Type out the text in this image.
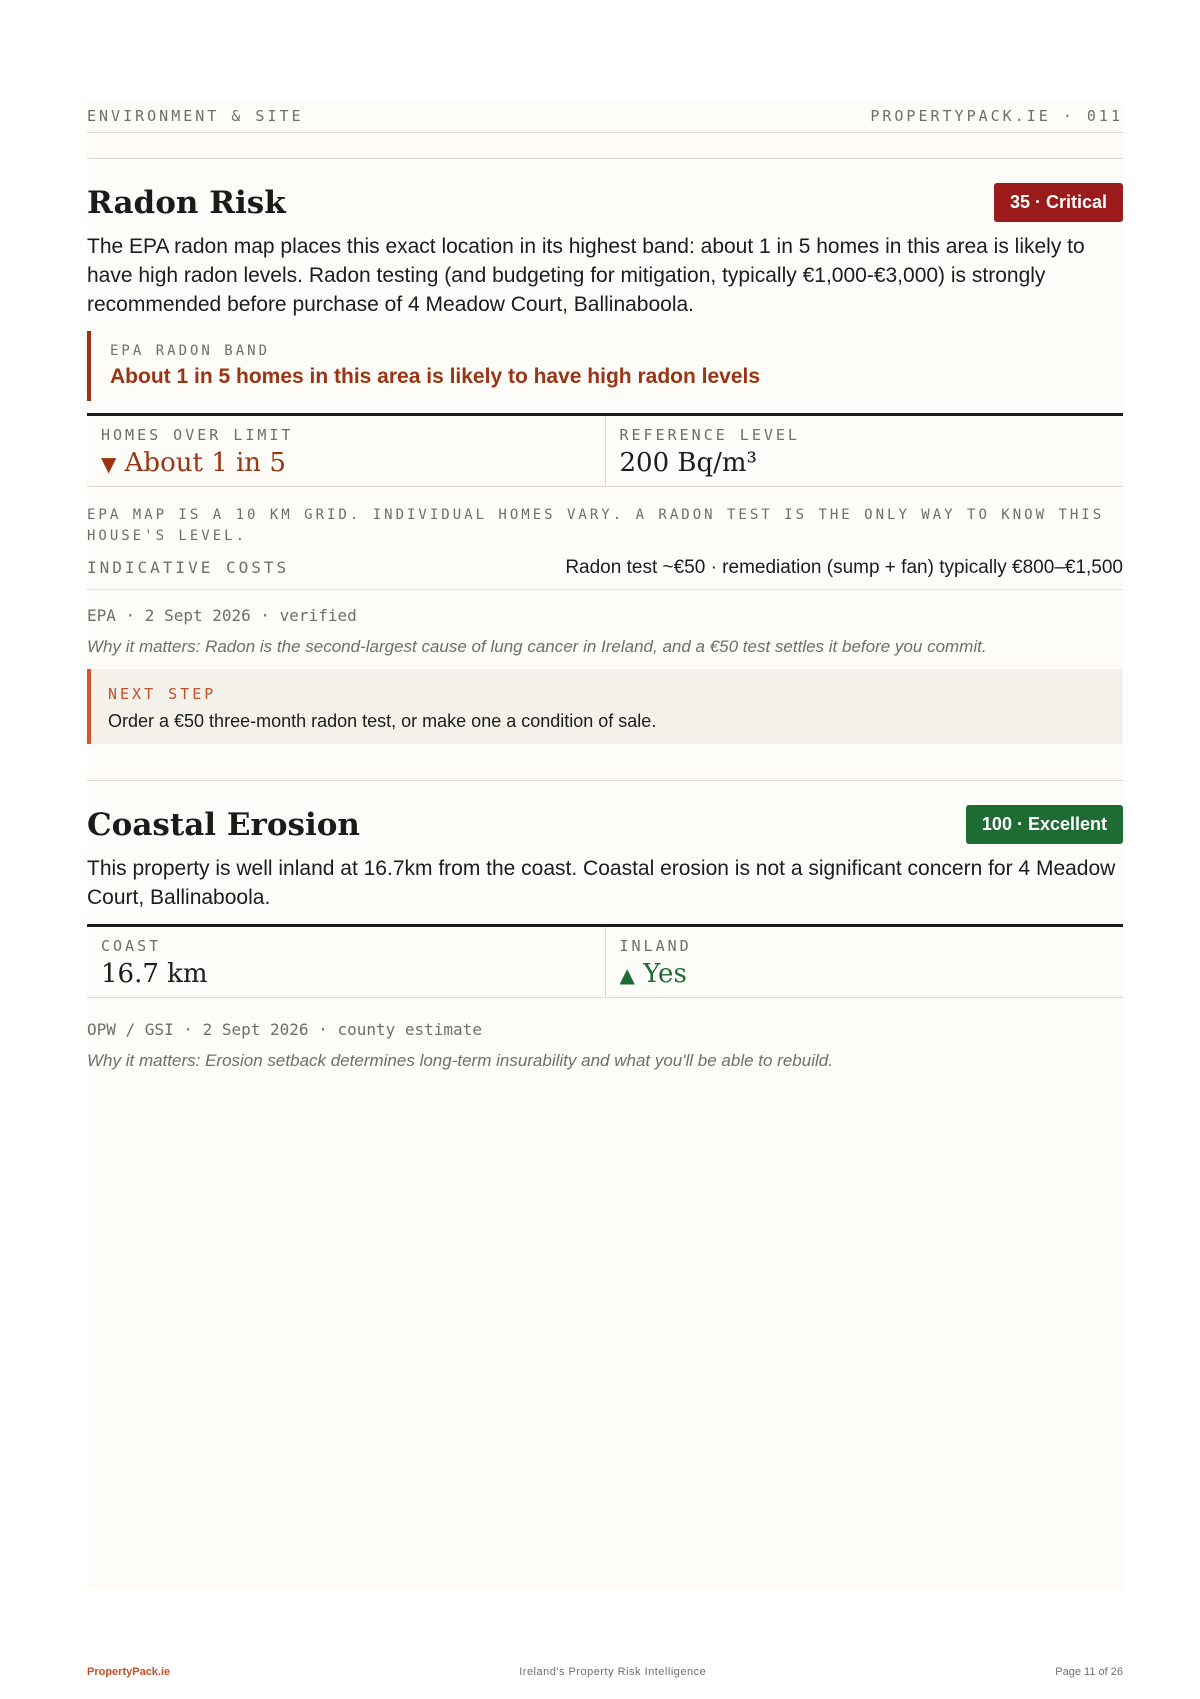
ENVIRONMENT & SITE	PROPERTYPACK.IE · 011
Radon Risk	35 · Critical

The EPA radon map places this exact location in its highest band: about 1 in 5 homes in this area is likely to have high radon levels. Radon testing (and budgeting for mitigation, typically €1,000-€3,000) is strongly recommended before purchase of 4 Meadow Court, Ballinaboola.

EPA RADON BAND
About 1 in 5 homes in this area is likely to have high radon levels
HOMES OVER LIMIT
▼ About 1 in 5
REFERENCE LEVEL
200 Bq/m³
EPA MAP IS A 10 KM GRID. INDIVIDUAL HOMES VARY. A RADON TEST IS THE ONLY WAY TO KNOW THIS HOUSE'S LEVEL.
INDICATIVE COSTS	Radon test ~€50 · remediation (sump + fan) typically €800–€1,500
EPA · 2 Sept 2026 · verified
Why it matters: Radon is the second-largest cause of lung cancer in Ireland, and a €50 test settles it before you commit.
NEXT STEP
Order a €50 three-month radon test, or make one a condition of sale.
Coastal Erosion	100 · Excellent

This property is well inland at 16.7km from the coast. Coastal erosion is not a significant concern for 4 Meadow Court, Ballinaboola.

COAST
16.7 km
INLAND
▲ Yes
OPW / GSI · 2 Sept 2026 · county estimate
Why it matters: Erosion setback determines long-term insurability and what you'll be able to rebuild.
PropertyPack.ie	Ireland's Property Risk Intelligence	Page 11 of 26
